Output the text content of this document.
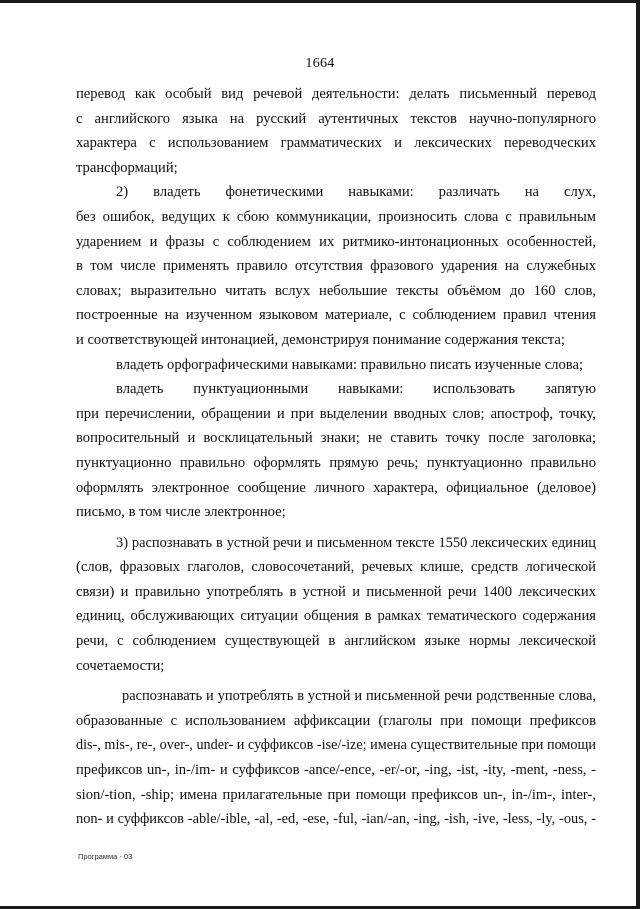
1664
перевод как особый вид речевой деятельности: делать письменный перевод
с английского языка на русский аутентичных текстов научно-популярного
характера с использованием грамматических и лексических переводческих
трансформаций;
2) владеть фонетическими навыками: различать на слух,
без ошибок, ведущих к сбою коммуникации, произносить слова с правильным
ударением и фразы с соблюдением их ритмико-интонационных особенностей,
в том числе применять правило отсутствия фразового ударения на служебных
словах; выразительно читать вслух небольшие тексты объёмом до 160 слов,
построенные на изученном языковом материале, с соблюдением правил чтения
и соответствующей интонацией, демонстрируя понимание содержания текста;
владеть орфографическими навыками: правильно писать изученные слова;
владеть пунктуационными навыками: использовать запятую
при перечислении, обращении и при выделении вводных слов; апостроф, точку,
вопросительный и восклицательный знаки; не ставить точку после заголовка;
пунктуационно правильно оформлять прямую речь; пунктуационно правильно
оформлять электронное сообщение личного характера, официальное (деловое)
письмо, в том числе электронное;
3) распознавать в устной речи и письменном тексте 1550 лексических единиц
(слов, фразовых глаголов, словосочетаний, речевых клише, средств логической
связи) и правильно употреблять в устной и письменной речи 1400 лексических
единиц, обслуживающих ситуации общения в рамках тематического содержания
речи, с соблюдением существующей в английском языке нормы лексической
сочетаемости;
распознавать и употреблять в устной и письменной речи родственные слова,
образованные с использованием аффиксации (глаголы при помощи префиксов
dis-, mis-, re-, over-, under- и суффиксов -ise/-ize; имена существительные при помощи
префиксов un-, in-/im- и суффиксов -ance/-ence, -er/-or, -ing, -ist, -ity, -ment, -ness, -
sion/-tion, -ship; имена прилагательные при помощи префиксов un-, in-/im-, inter-,
non- и суффиксов -able/-ible, -al, -ed, -ese, -ful, -ian/-an, -ing, -ish, -ive, -less, -ly, -ous, -
Программа - 03
